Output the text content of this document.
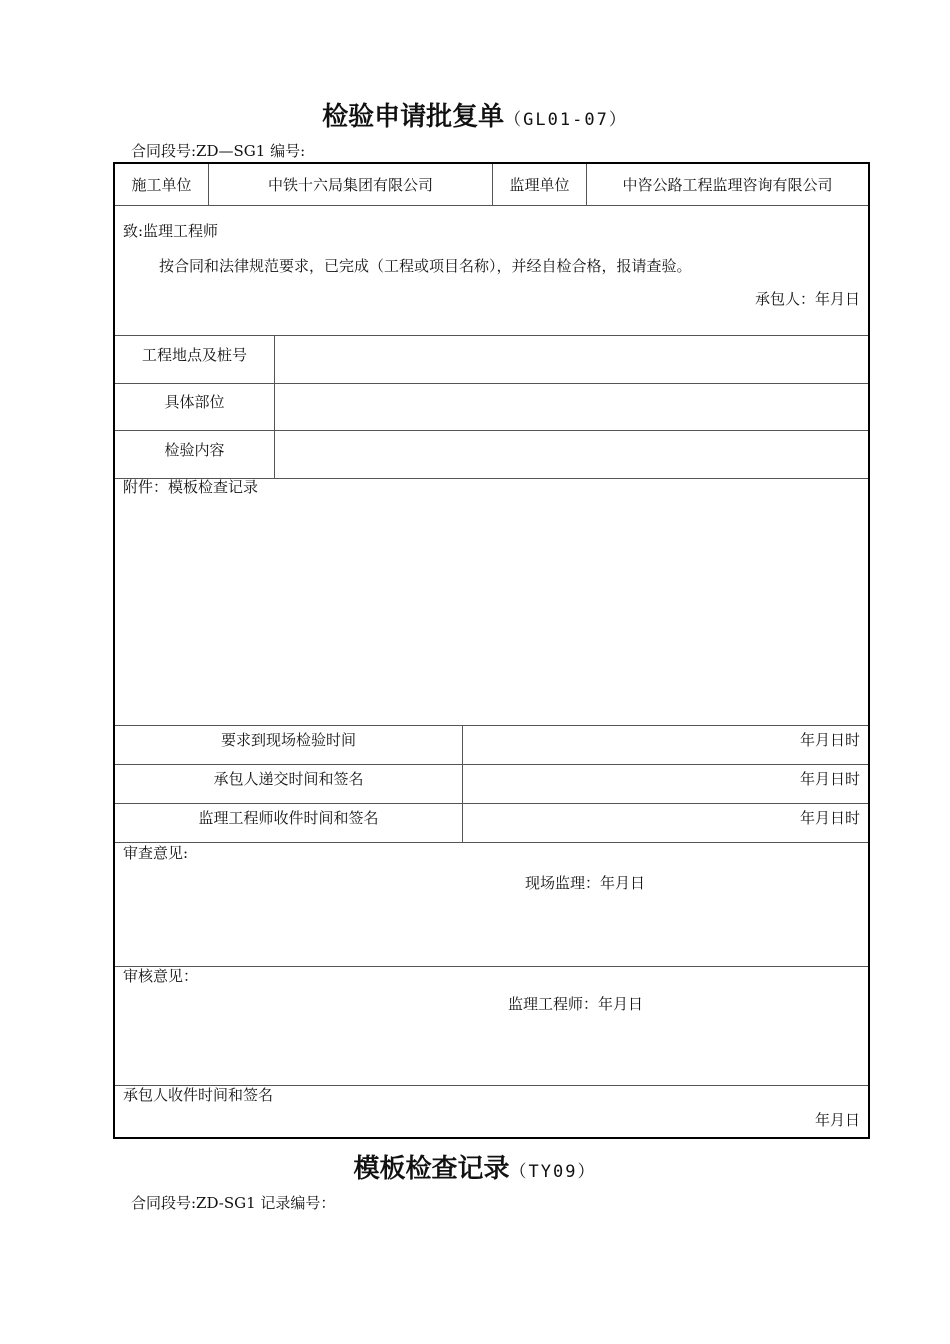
检验申请批复单（GL01-07）
合同段号:ZD—SG1 编号:
施工单位	中铁十六局集团有限公司	监理单位	中咨公路工程监理咨询有限公司
致:监理工程师
按合同和法律规范要求，已完成（工程或项目名称），并经自检合格，报请查验。
承包人：年月日
工程地点及桩号
具体部位
检验内容
附件：模板检查记录
要求到现场检验时间	年月日时
承包人递交时间和签名	年月日时
监理工程师收件时间和签名	年月日时
审查意见:
现场监理：年月日
审核意见：
监理工程师：年月日
承包人收件时间和签名
年月日
模板检查记录（TY09）
合同段号:ZD-SG1 记录编号：
